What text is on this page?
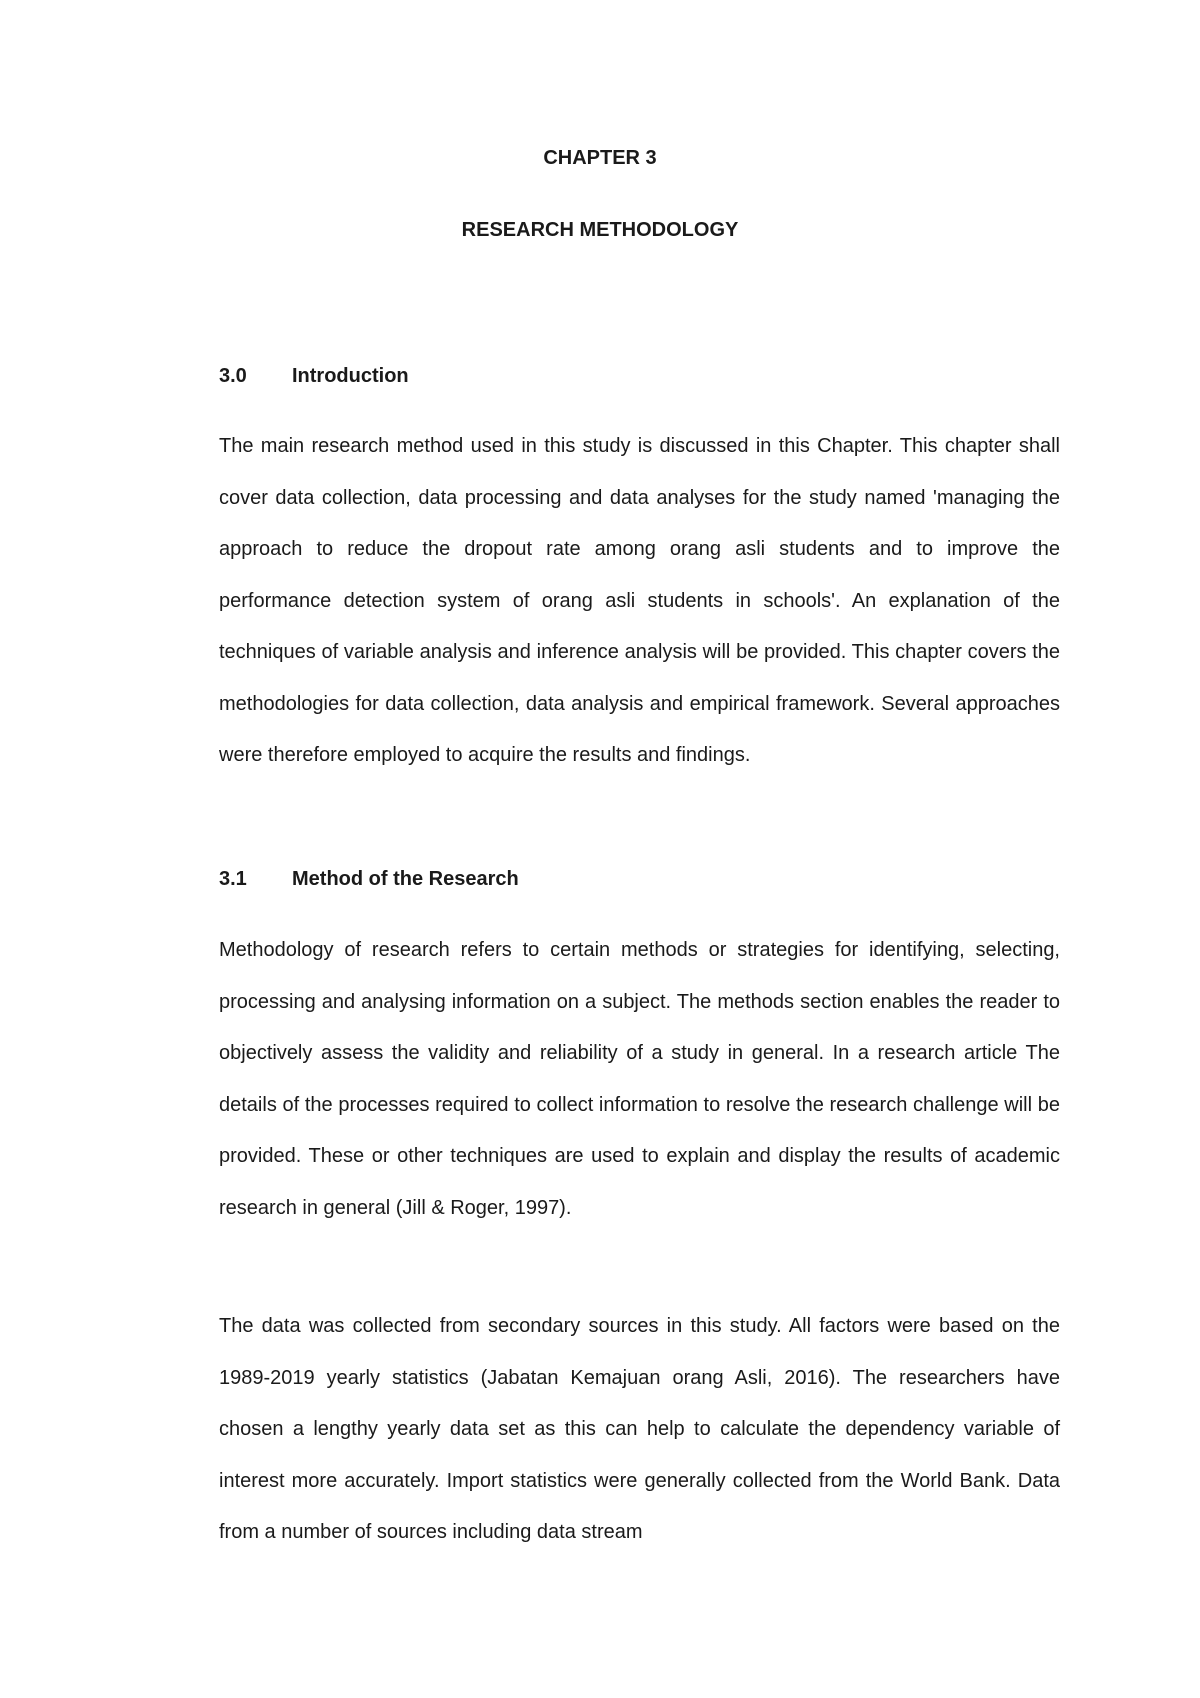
CHAPTER 3
RESEARCH METHODOLOGY
3.0 Introduction

The main research method used in this study is discussed in this Chapter. This chapter shall cover data collection, data processing and data analyses for the study named 'managing the approach to reduce the dropout rate among orang asli students and to improve the performance detection system of orang asli students in schools'. An explanation of the techniques of variable analysis and inference analysis will be provided. This chapter covers the methodologies for data collection, data analysis and empirical framework. Several approaches were therefore employed to acquire the results and findings.

3.1 Method of the Research

Methodology of research refers to certain methods or strategies for identifying, selecting, processing and analysing information on a subject. The methods section enables the reader to objectively assess the validity and reliability of a study in general. In a research article The details of the processes required to collect information to resolve the research challenge will be provided. These or other techniques are used to explain and display the results of academic research in general (Jill & Roger, 1997).

The data was collected from secondary sources in this study. All factors were based on the 1989-2019 yearly statistics (Jabatan Kemajuan orang Asli, 2016). The researchers have chosen a lengthy yearly data set as this can help to calculate the dependency variable of interest more accurately. Import statistics were generally collected from the World Bank. Data from a number of sources including data stream
